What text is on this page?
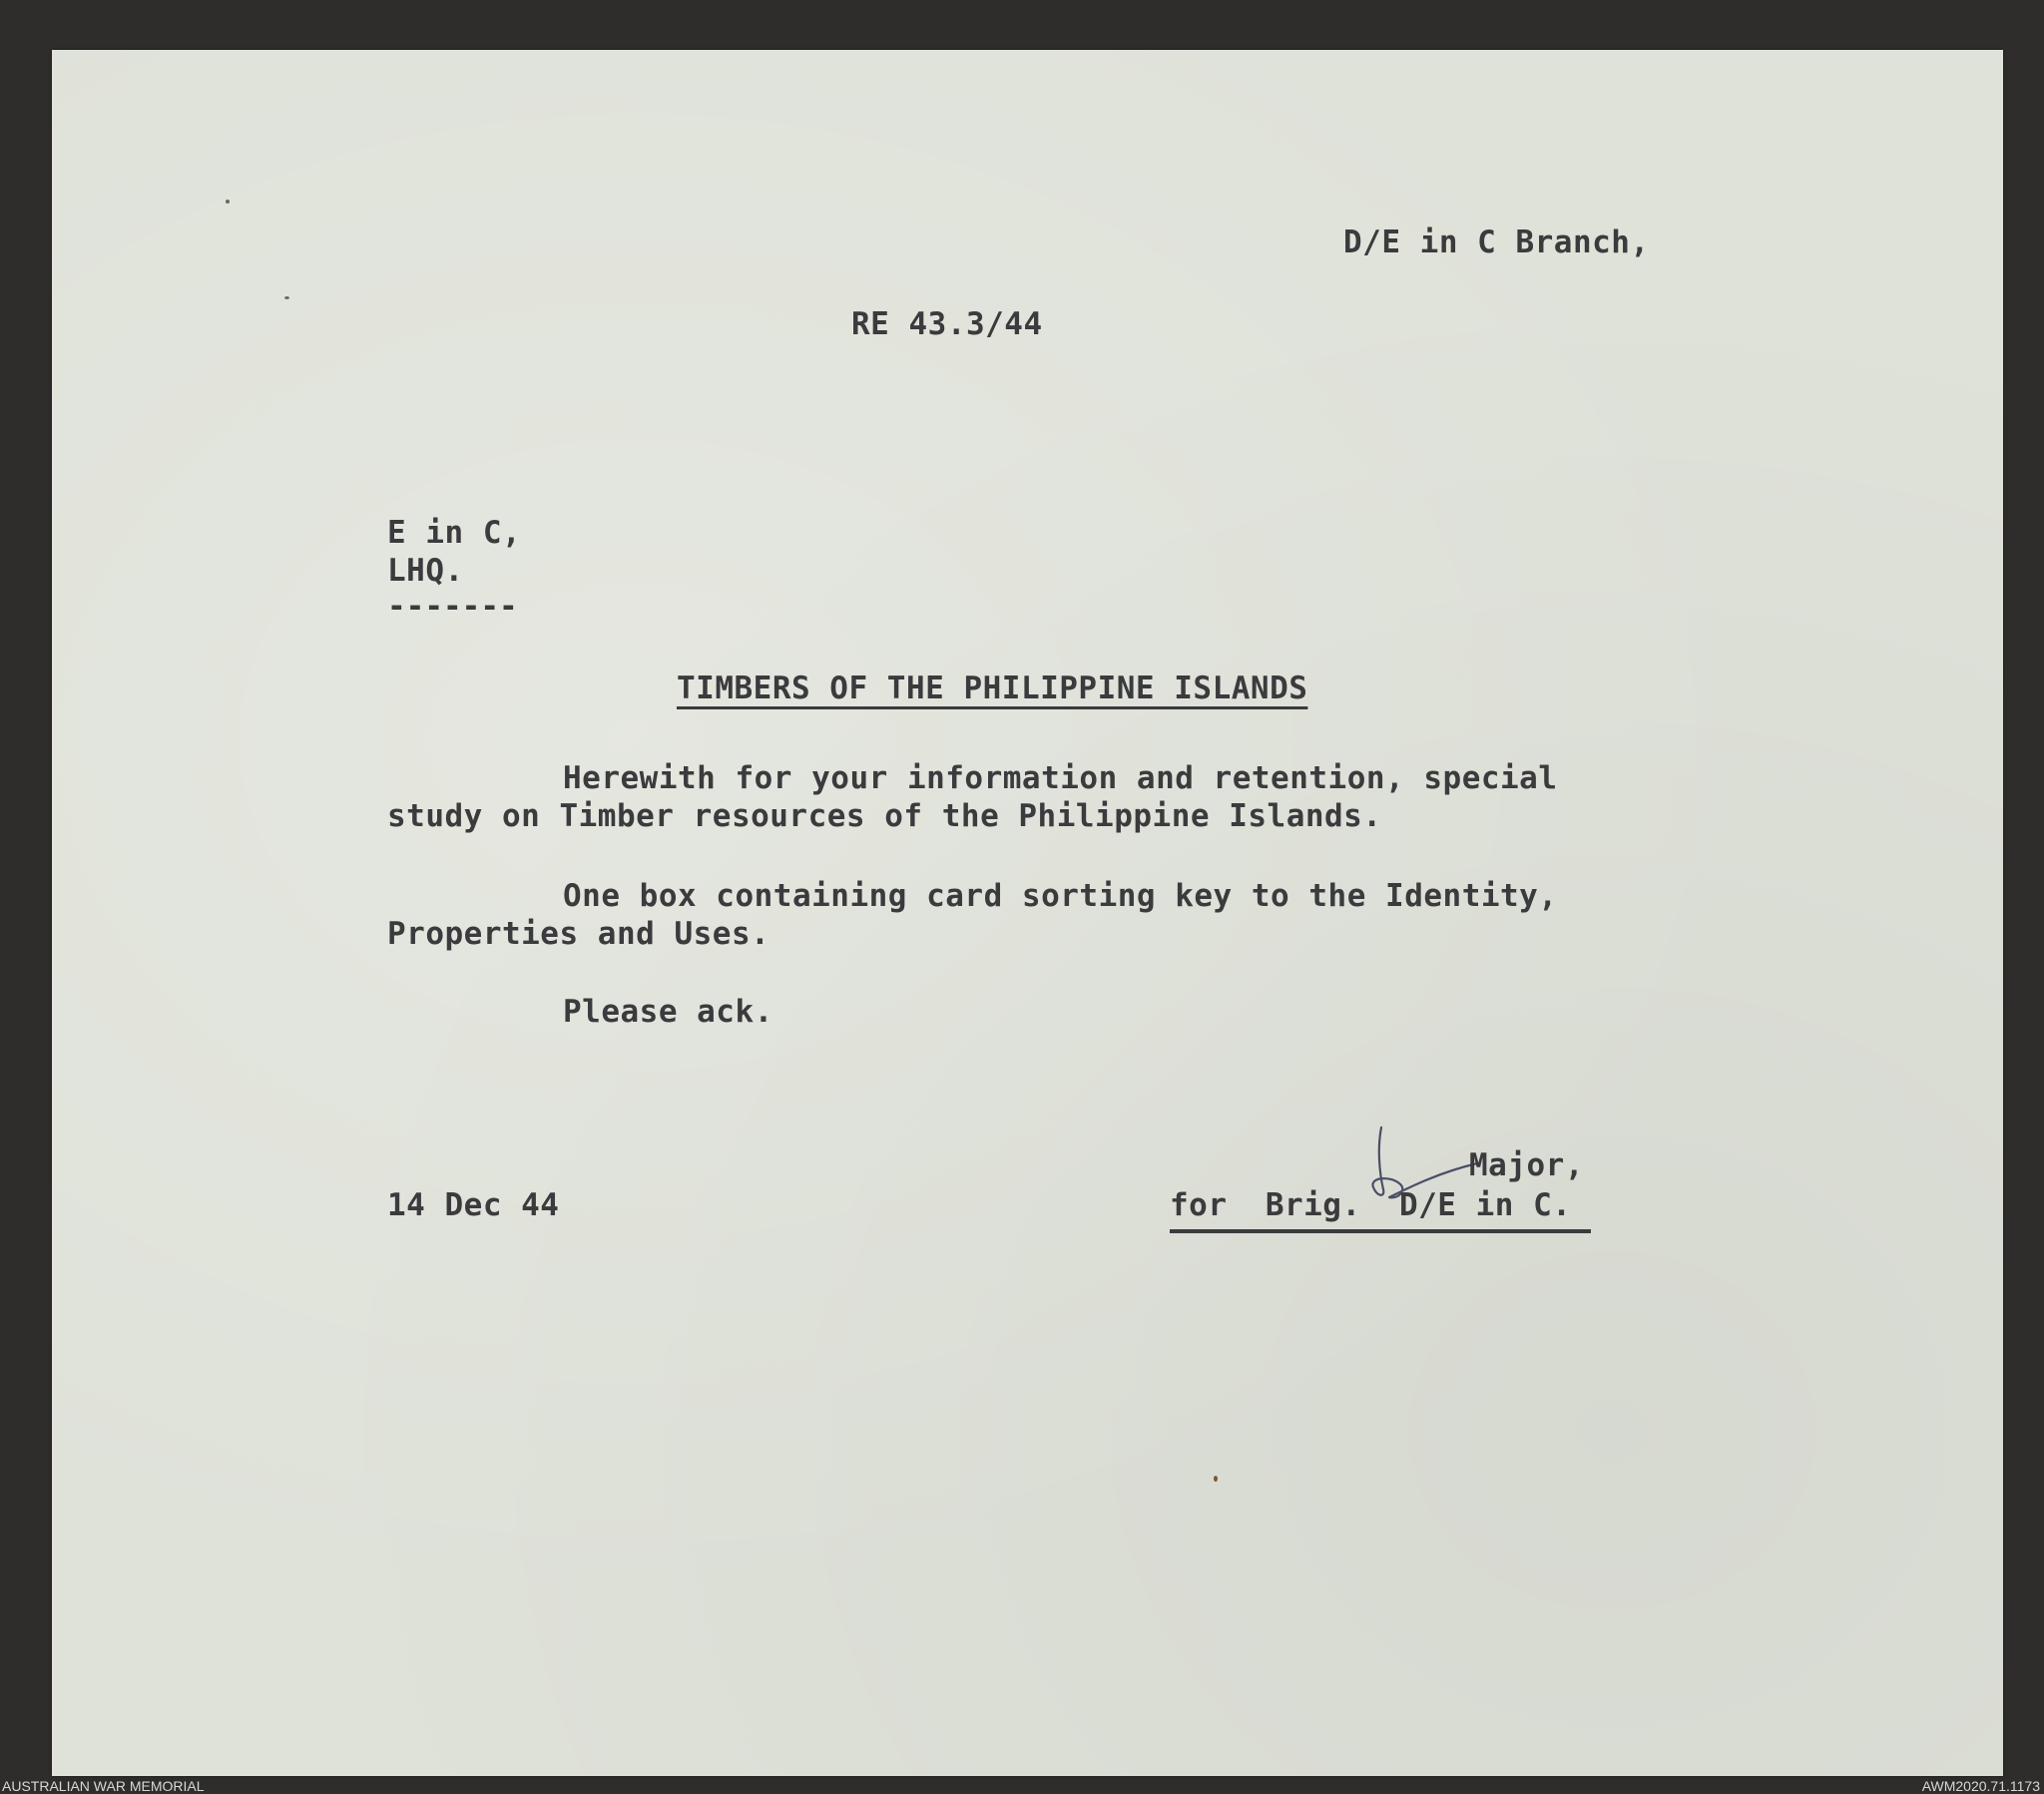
D/E in C Branch,
RE 43.3/44
E in C,
LHQ.
-------
TIMBERS OF THE PHILIPPINE ISLANDS
Herewith for your information and retention, special
study on Timber resources of the Philippine Islands.
One box containing card sorting key to the Identity,
Properties and Uses.
Please ack.
Major,
14 Dec 44	for  Brig.  D/E in C.
AUSTRALIAN WAR MEMORIAL	AWM2020.71.1173
